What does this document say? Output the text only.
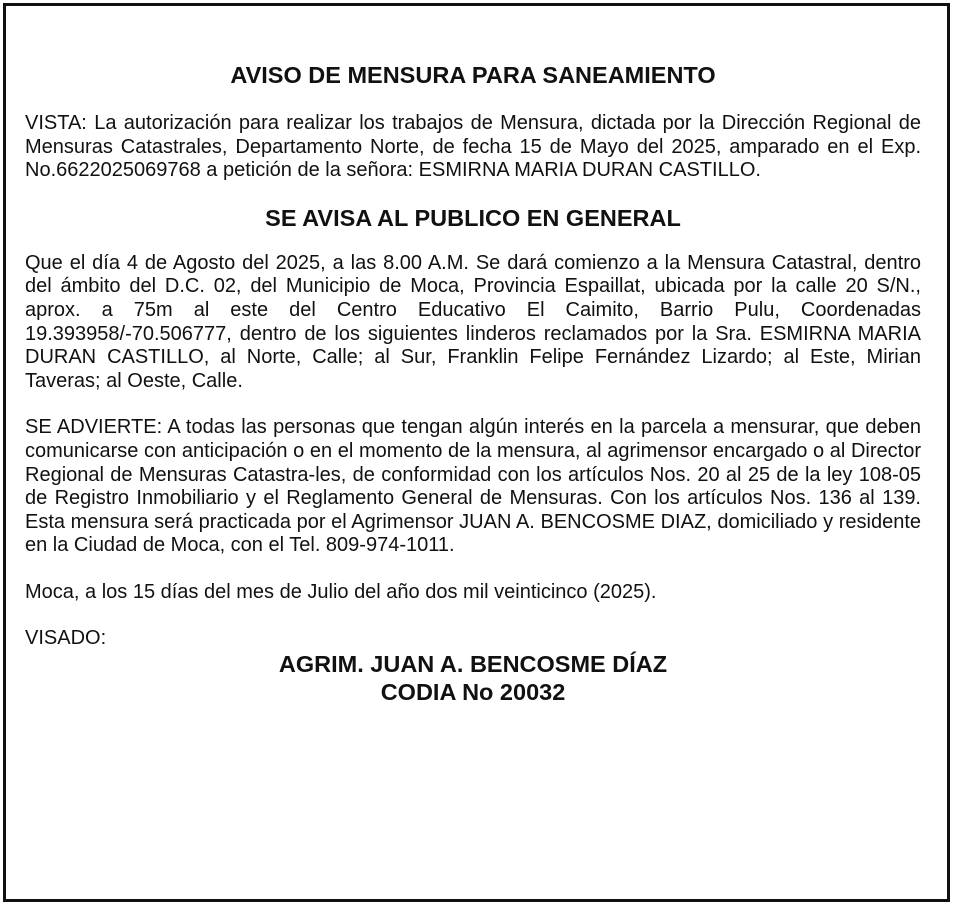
AVISO DE MENSURA PARA SANEAMIENTO

VISTA: La autorización para realizar los trabajos de Mensura, dictada por la Dirección Regional de Mensuras Catastrales, Departamento Norte, de fecha 15 de Mayo del 2025, amparado en el Exp. No.6622025069768 a petición de la señora: ESMIRNA MARIA DURAN CASTILLO.

SE AVISA AL PUBLICO EN GENERAL

Que el día 4 de Agosto del 2025, a las 8.00 A.M. Se dará comienzo a la Mensura Catastral, dentro del ámbito del D.C. 02, del Municipio de Moca, Provincia Espaillat, ubicada por la calle 20 S/N., aprox. a 75m al este del Centro Educativo El Caimito, Barrio Pulu, Coordenadas 19.393958/-70.506777, dentro de los siguientes linderos reclamados por la Sra. ESMIRNA MARIA DURAN CASTILLO, al Norte, Calle; al Sur, Franklin Felipe Fernández Lizardo; al Este, Mirian Taveras; al Oeste, Calle.

SE ADVIERTE: A todas las personas que tengan algún interés en la parcela a mensurar, que deben comunicarse con anticipación o en el momento de la mensura, al agrimensor encargado o al Director Regional de Mensuras Catastra-les, de conformidad con los artículos Nos. 20 al 25 de la ley 108-05 de Registro Inmobiliario y el Reglamento General de Mensuras. Con los artículos Nos. 136 al 139. Esta mensura será practicada por el Agrimensor JUAN A. BENCOSME DIAZ, domiciliado y residente en la Ciudad de Moca, con el Tel. 809-974-1011.

Moca, a los 15 días del mes de Julio del año dos mil veinticinco (2025).

VISADO:

AGRIM. JUAN A. BENCOSME DÍAZ

CODIA No 20032
